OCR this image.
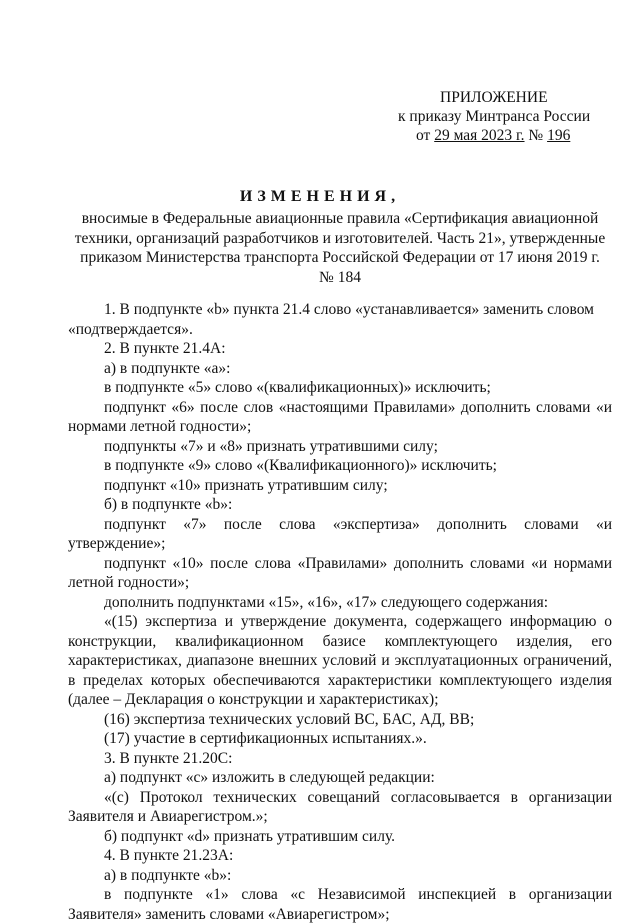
ПРИЛОЖЕНИЕ
к приказу Минтранса России
от 29 мая 2023 г. № 196
ИЗМЕНЕНИЯ,
вносимые в Федеральные авиационные правила «Сертификация авиационной техники, организаций разработчиков и изготовителей. Часть 21», утвержденные приказом Министерства транспорта Российской Федерации от 17 июня 2019 г. № 184

1. В подпункте «b» пункта 21.4 слово «устанавливается» заменить словом «подтверждается».

2. В пункте 21.4А:

а) в подпункте «а»:

в подпункте «5» слово «(квалификационных)» исключить;

подпункт «6» после слов «настоящими Правилами» дополнить словами «и нормами летной годности»;

подпункты «7» и «8» признать утратившими силу;

в подпункте «9» слово «(Квалификационного)» исключить;

подпункт «10» признать утратившим силу;

б) в подпункте «b»:

подпункт «7» после слова «экспертиза» дополнить словами «и утверждение»;

подпункт «10» после слова «Правилами» дополнить словами «и нормами летной годности»;

дополнить подпунктами «15», «16», «17» следующего содержания:

«(15) экспертиза и утверждение документа, содержащего информацию о конструкции, квалификационном базисе комплектующего изделия, его характеристиках, диапазоне внешних условий и эксплуатационных ограничений, в пределах которых обеспечиваются характеристики комплектующего изделия (далее – Декларация о конструкции и характеристиках);

(16) экспертиза технических условий ВС, БАС, АД, ВВ;

(17) участие в сертификационных испытаниях.».

3. В пункте 21.20С:

а) подпункт «с» изложить в следующей редакции:

«(с) Протокол технических совещаний согласовывается в организации Заявителя и Авиарегистром.»;

б) подпункт «d» признать утратившим силу.

4. В пункте 21.23А:

а) в подпункте «b»:

в подпункте «1» слова «с Независимой инспекцией в организации Заявителя» заменить словами «Авиарегистром»;
